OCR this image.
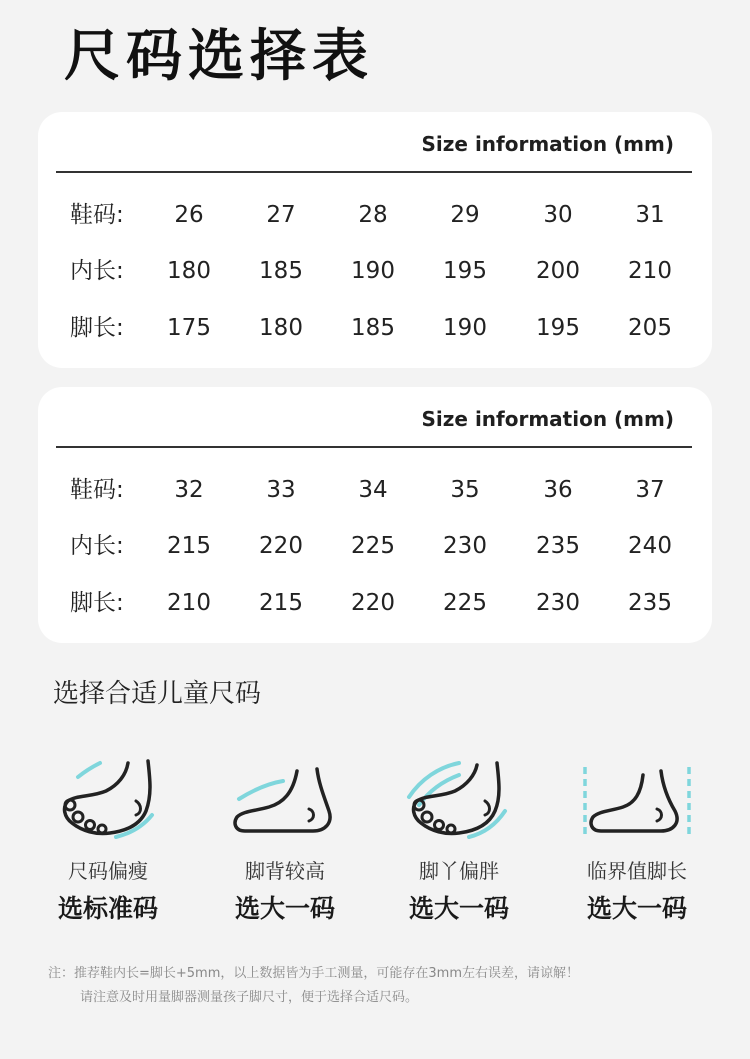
尺码选择表
Size information (mm)
鞋码:	26	27	28	29	30	31
内长:	180	185	190	195	200	210
脚长:	175	180	185	190	195	205
Size information (mm)
鞋码:	32	33	34	35	36	37
内长:	215	220	225	230	235	240
脚长:	210	215	220	225	230	235
选择合适儿童尺码
尺码偏瘦
选标准码
脚背较高
选大一码
脚丫偏胖
选大一码
临界值脚长
选大一码
注：推荐鞋内长=脚长+5mm，以上数据皆为手工测量，可能存在3mm左右误差，请谅解！
请注意及时用量脚器测量孩子脚尺寸，便于选择合适尺码。
